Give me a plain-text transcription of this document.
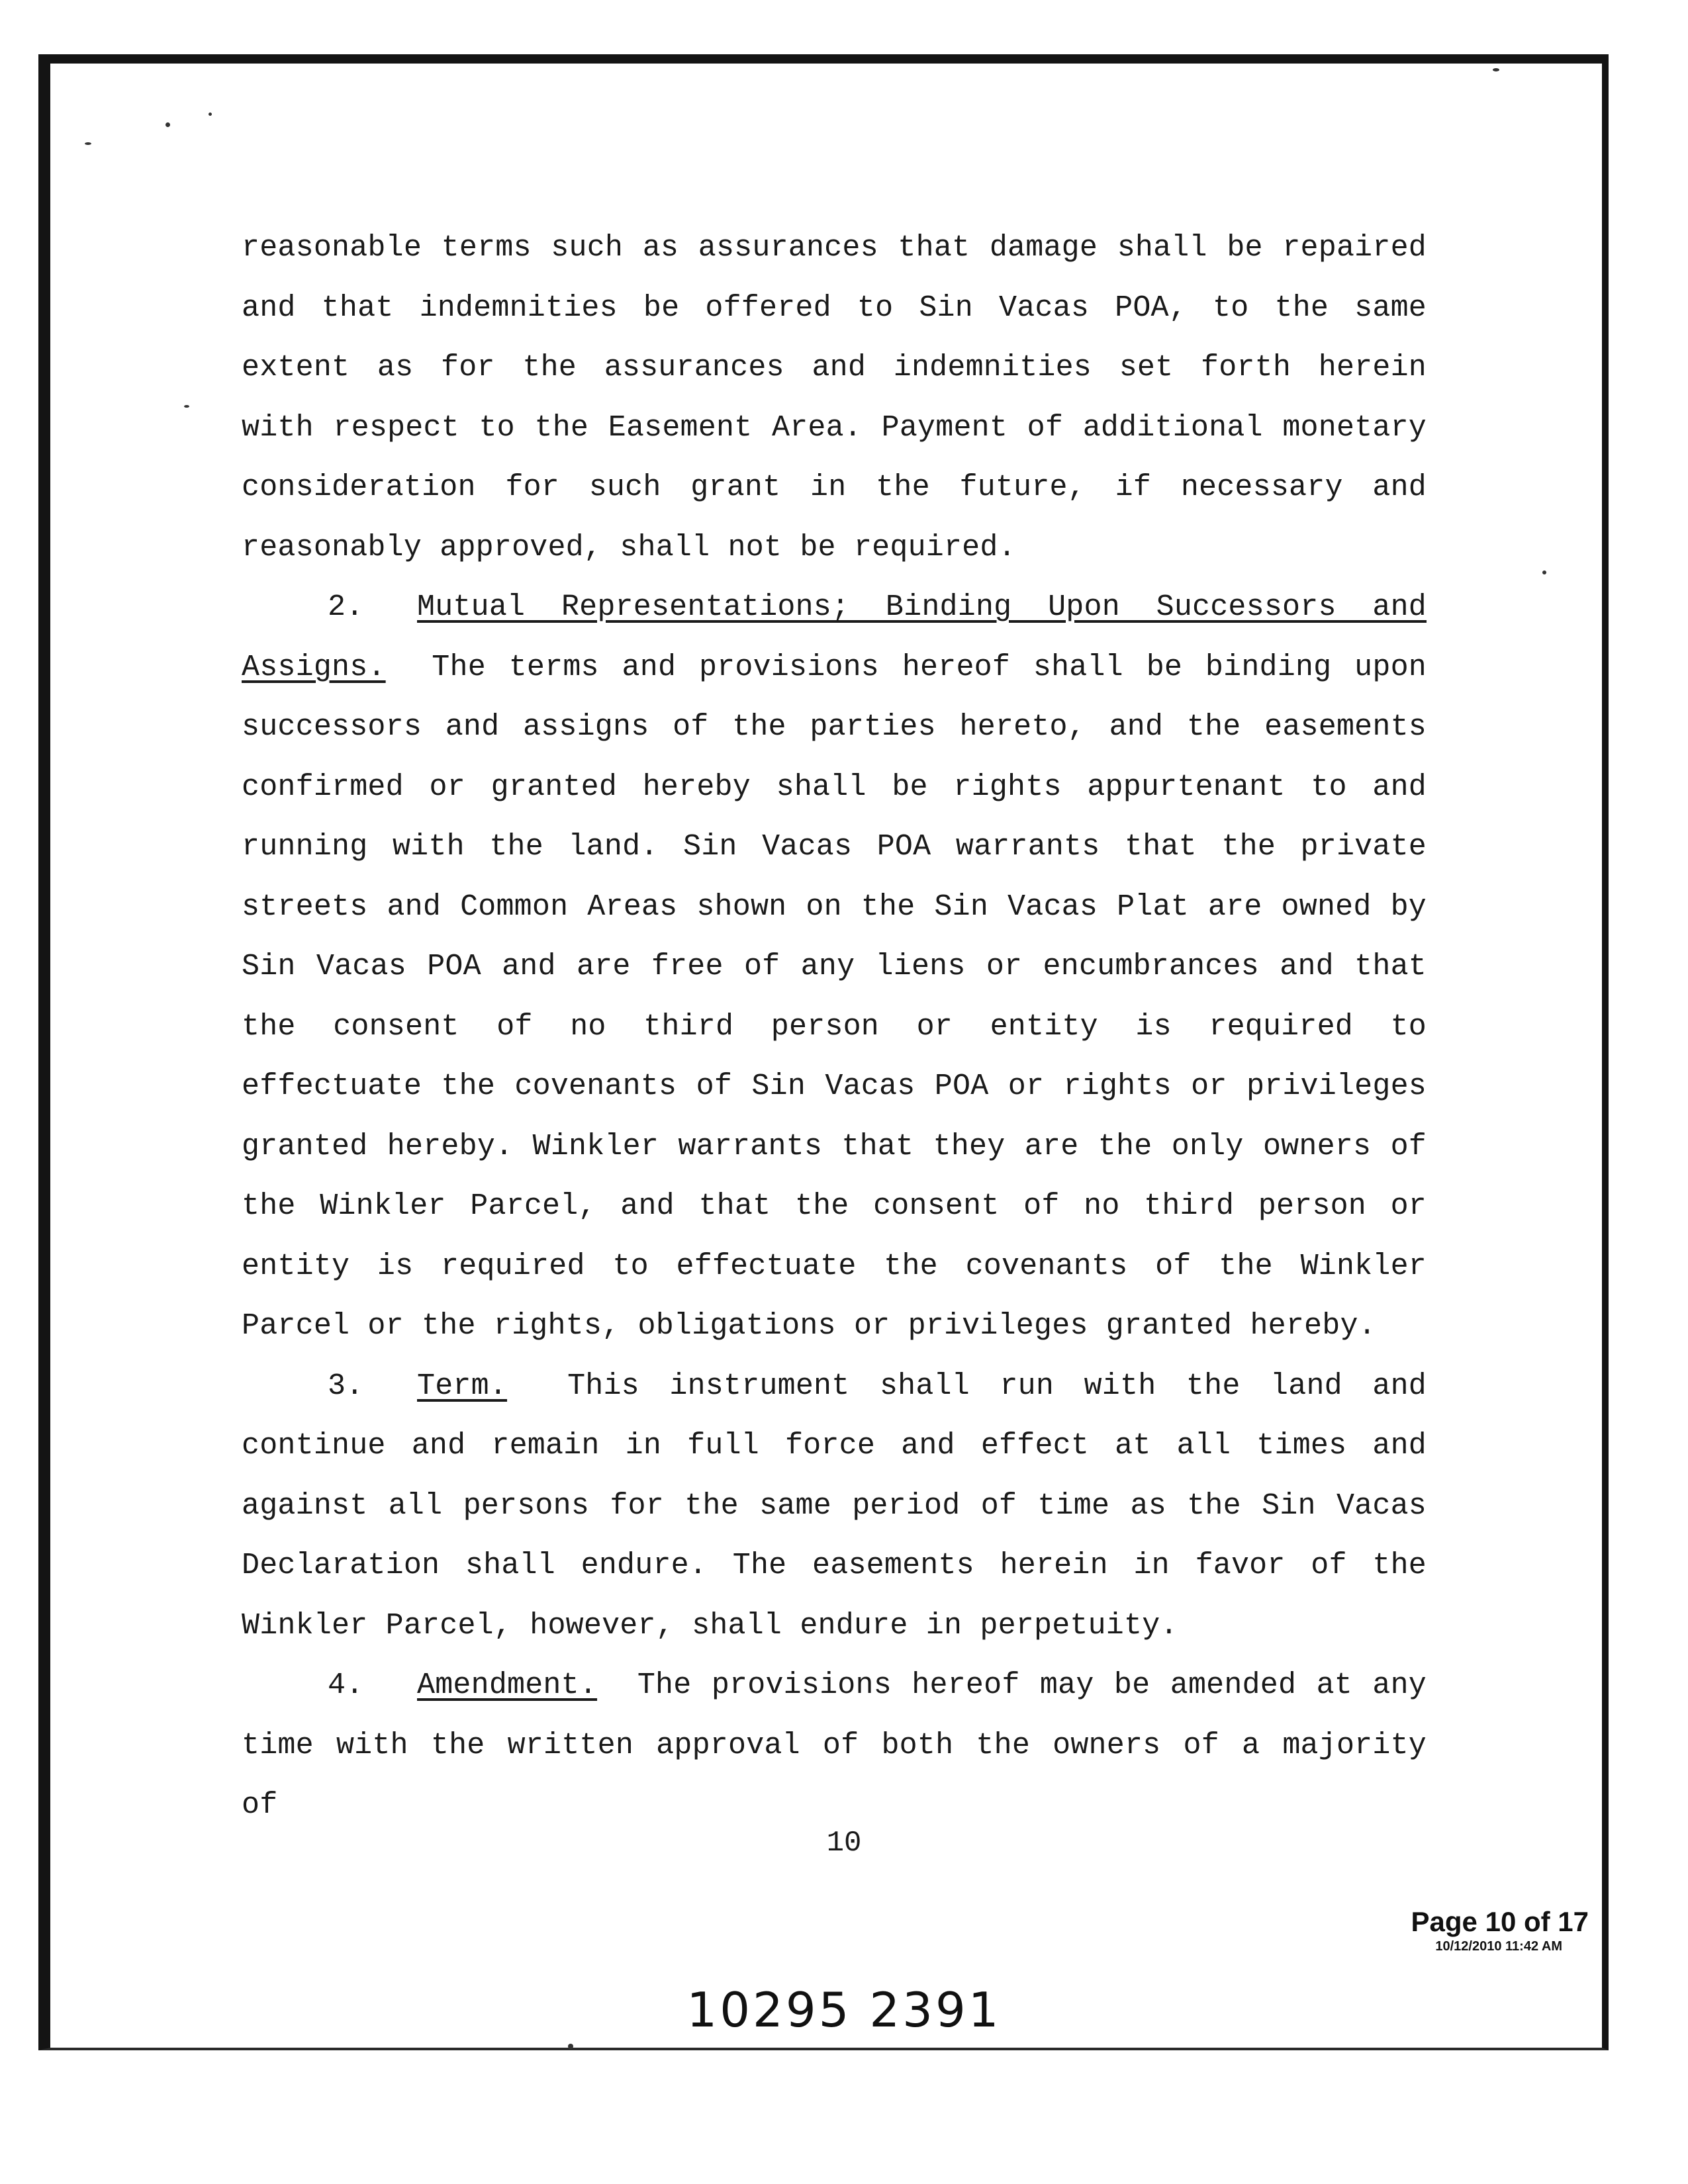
reasonable terms such as assurances that damage shall be repaired and that indemnities be offered to Sin Vacas POA, to the same extent as for the assurances and indemnities set forth herein with respect to the Easement Area. Payment of additional monetary consideration for such grant in the future, if necessary and reasonably approved, shall not be required.

2. Mutual Representations; Binding Upon Successors and Assigns. The terms and provisions hereof shall be binding upon successors and assigns of the parties hereto, and the easements confirmed or granted hereby shall be rights appurtenant to and running with the land. Sin Vacas POA warrants that the private streets and Common Areas shown on the Sin Vacas Plat are owned by Sin Vacas POA and are free of any liens or encumbrances and that the consent of no third person or entity is required to effectuate the covenants of Sin Vacas POA or rights or privileges granted hereby. Winkler warrants that they are the only owners of the Winkler Parcel, and that the consent of no third person or entity is required to effectuate the covenants of the Winkler Parcel or the rights, obligations or privileges granted hereby.

3. Term. This instrument shall run with the land and continue and remain in full force and effect at all times and against all persons for the same period of time as the Sin Vacas Declaration shall endure. The easements herein in favor of the Winkler Parcel, however, shall endure in perpetuity.

4. Amendment. The provisions hereof may be amended at any time with the written approval of both the owners of a majority of

10
Page 10 of 17
10/12/2010 11:42 AM
10295 2391
